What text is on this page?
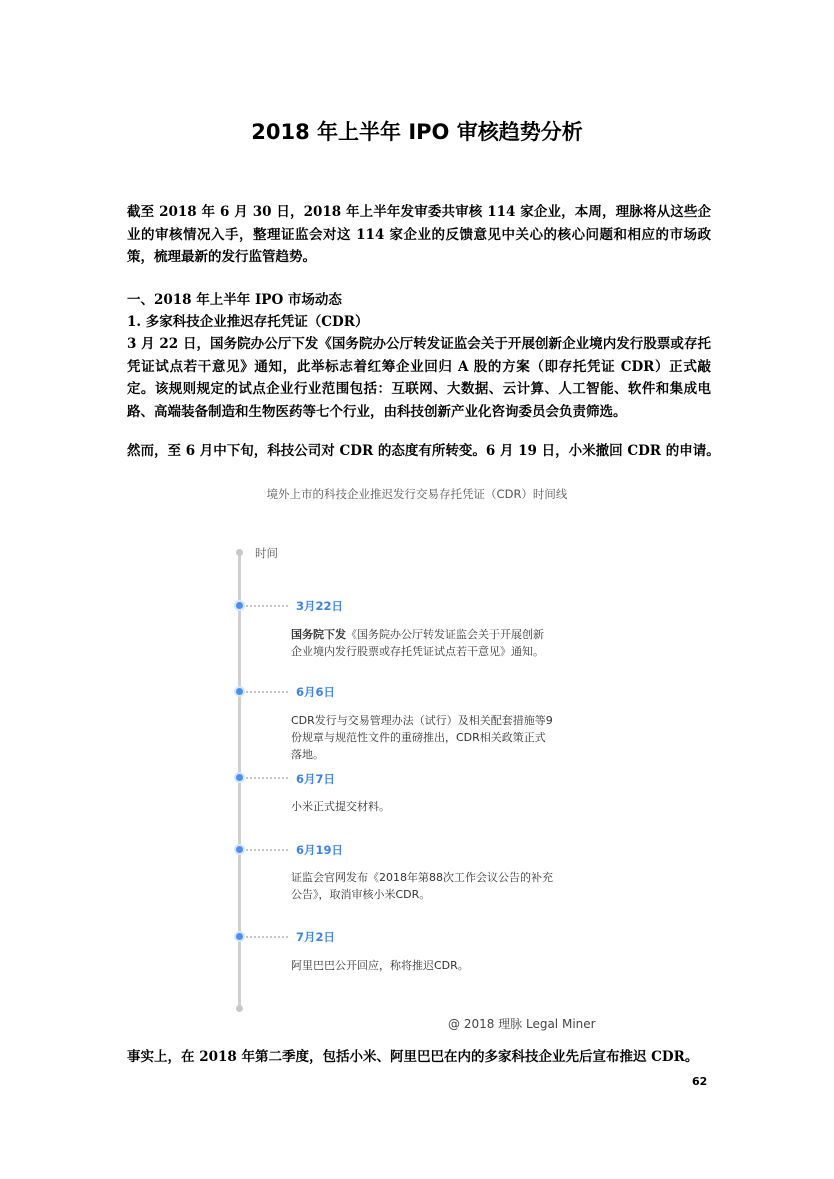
2018 年上半年 IPO 审核趋势分析
截至 2018 年 6 月 30 日，2018 年上半年发审委共审核 114 家企业，本周，理脉将从这些企业的审核情况入手，整理证监会对这 114 家企业的反馈意见中关心的核心问题和相应的市场政策，梳理最新的发行监管趋势。
一、2018 年上半年 IPO 市场动态
1. 多家科技企业推迟存托凭证（CDR）
3 月 22 日，国务院办公厅下发《国务院办公厅转发证监会关于开展创新企业境内发行股票或存托凭证试点若干意见》通知，此举标志着红筹企业回归 A 股的方案（即存托凭证 CDR）正式敲定。该规则规定的试点企业行业范围包括：互联网、大数据、云计算、人工智能、软件和集成电路、高端装备制造和生物医药等七个行业，由科技创新产业化咨询委员会负责筛选。
然而，至 6 月中下旬，科技公司对 CDR 的态度有所转变。6 月 19 日，小米撤回 CDR 的申请。
境外上市的科技企业推迟发行交易存托凭证（CDR）时间线
时间
3月22日
国务院下发《国务院办公厅转发证监会关于开展创新
企业境内发行股票或存托凭证试点若干意见》通知。
6月6日
CDR发行与交易管理办法（试行）及相关配套措施等9
份规章与规范性文件的重磅推出，CDR相关政策正式
落地。
6月7日
小米正式提交材料。
6月19日
证监会官网发布《2018年第88次工作会议公告的补充
公告》，取消审核小米CDR。
7月2日
阿里巴巴公开回应，称将推迟CDR。
@ 2018 理脉 Legal Miner
事实上，在 2018 年第二季度，包括小米、阿里巴巴在内的多家科技企业先后宣布推迟 CDR。
62
